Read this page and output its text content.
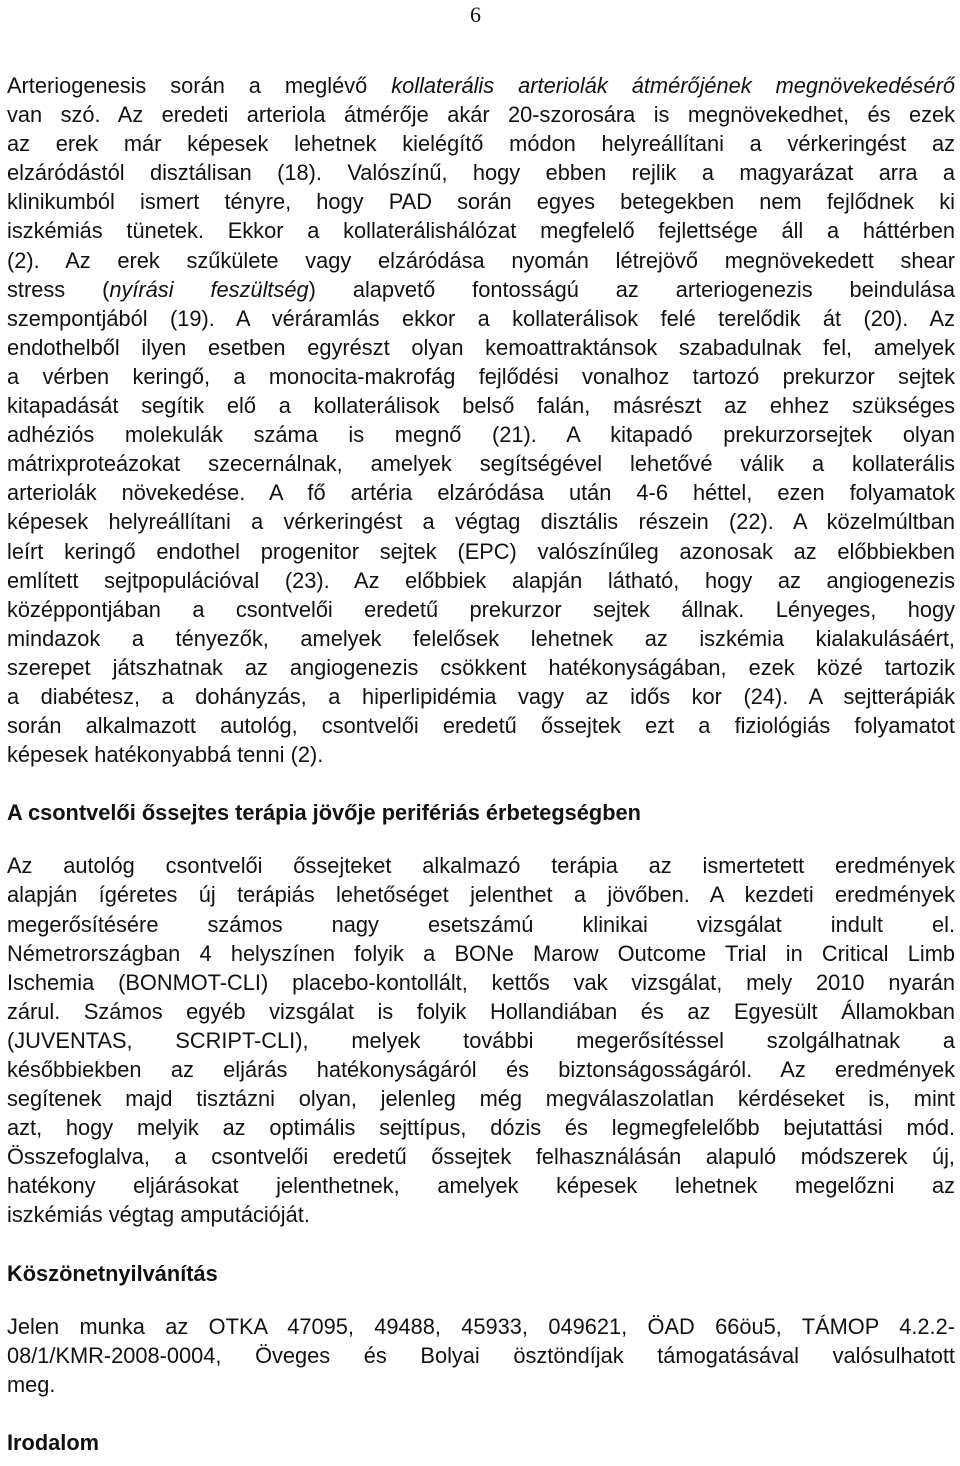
6
Arteriogenesis során a meglévő kollaterális arteriolák átmérőjének megnövekedésérő
van szó. Az eredeti arteriola átmérője akár 20-szorosára is megnövekedhet, és ezek
az erek már képesek lehetnek kielégítő módon helyreállítani a vérkeringést az
elzáródástól disztálisan (18). Valószínű, hogy ebben rejlik a magyarázat arra a
klinikumból ismert tényre, hogy PAD során egyes betegekben nem fejlődnek ki
iszkémiás tünetek. Ekkor a kollaterálishálózat megfelelő fejlettsége áll a háttérben
(2). Az erek szűkülete vagy elzáródása nyomán létrejövő megnövekedett shear
stress (nyírási feszültség) alapvető fontosságú az arteriogenezis beindulása
szempontjából (19). A véráramlás ekkor a kollaterálisok felé terelődik át (20). Az
endothelből ilyen esetben egyrészt olyan kemoattraktánsok szabadulnak fel, amelyek
a vérben keringő, a monocita-makrofág fejlődési vonalhoz tartozó prekurzor sejtek
kitapadását segítik elő a kollaterálisok belső falán, másrészt az ehhez szükséges
adhéziós molekulák száma is megnő (21). A kitapadó prekurzorsejtek olyan
mátrixproteázokat szecernálnak, amelyek segítségével lehetővé válik a kollaterális
arteriolák növekedése. A fő artéria elzáródása után 4-6 héttel, ezen folyamatok
képesek helyreállítani a vérkeringést a végtag disztális részein (22). A közelmúltban
leírt keringő endothel progenitor sejtek (EPC) valószínűleg azonosak az előbbiekben
említett sejtpopulációval (23). Az előbbiek alapján látható, hogy az angiogenezis
középpontjában a csontvelői eredetű prekurzor sejtek állnak. Lényeges, hogy
mindazok a tényezők, amelyek felelősek lehetnek az iszkémia kialakulásáért,
szerepet játszhatnak az angiogenezis csökkent hatékonyságában, ezek közé tartozik
a diabétesz, a dohányzás, a hiperlipidémia vagy az idős kor (24). A sejtterápiák
során alkalmazott autológ, csontvelői eredetű őssejtek ezt a fiziológiás folyamatot
képesek hatékonyabbá tenni (2).
A csontvelői őssejtes terápia jövője perifériás érbetegségben
Az autológ csontvelői őssejteket alkalmazó terápia az ismertetett eredmények
alapján ígéretes új terápiás lehetőséget jelenthet a jövőben. A kezdeti eredmények
megerősítésére számos nagy esetszámú klinikai vizsgálat indult el.
Németrországban 4 helyszínen folyik a BONe Marow Outcome Trial in Critical Limb
Ischemia (BONMOT-CLI) placebo-kontollált, kettős vak vizsgálat, mely 2010 nyarán
zárul. Számos egyéb vizsgálat is folyik Hollandiában és az Egyesült Államokban
(JUVENTAS, SCRIPT-CLI), melyek további megerősítéssel szolgálhatnak a
későbbiekben az eljárás hatékonyságáról és biztonságosságáról. Az eredmények
segítenek majd tisztázni olyan, jelenleg még megválaszolatlan kérdéseket is, mint
azt, hogy melyik az optimális sejttípus, dózis és legmegfelelőbb bejutattási mód.
Összefoglalva, a csontvelői eredetű őssejtek felhasználásán alapuló módszerek új,
hatékony eljárásokat jelenthetnek, amelyek képesek lehetnek megelőzni az
iszkémiás végtag amputációját.
Köszönetnyilvánítás
Jelen munka az OTKA 47095, 49488, 45933, 049621, ÖAD 66öu5, TÁMOP 4.2.2-
08/1/KMR-2008-0004, Öveges és Bolyai ösztöndíjak támogatásával valósulhatott
meg.
Irodalom
